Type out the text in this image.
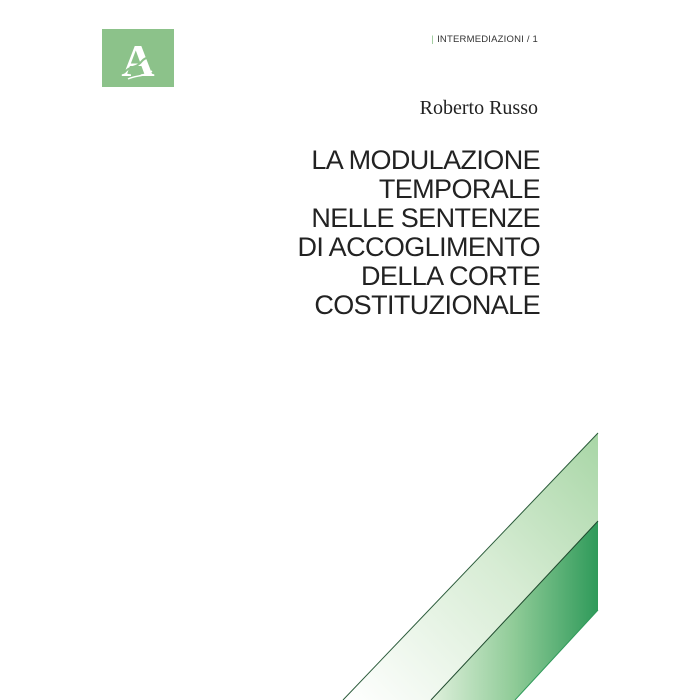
A	| INTERMEDIAZIONI / 1
Roberto Russo
LA MODULAZIONE
TEMPORALE
NELLE SENTENZE
DI ACCOGLIMENTO
DELLA CORTE
COSTITUZIONALE
